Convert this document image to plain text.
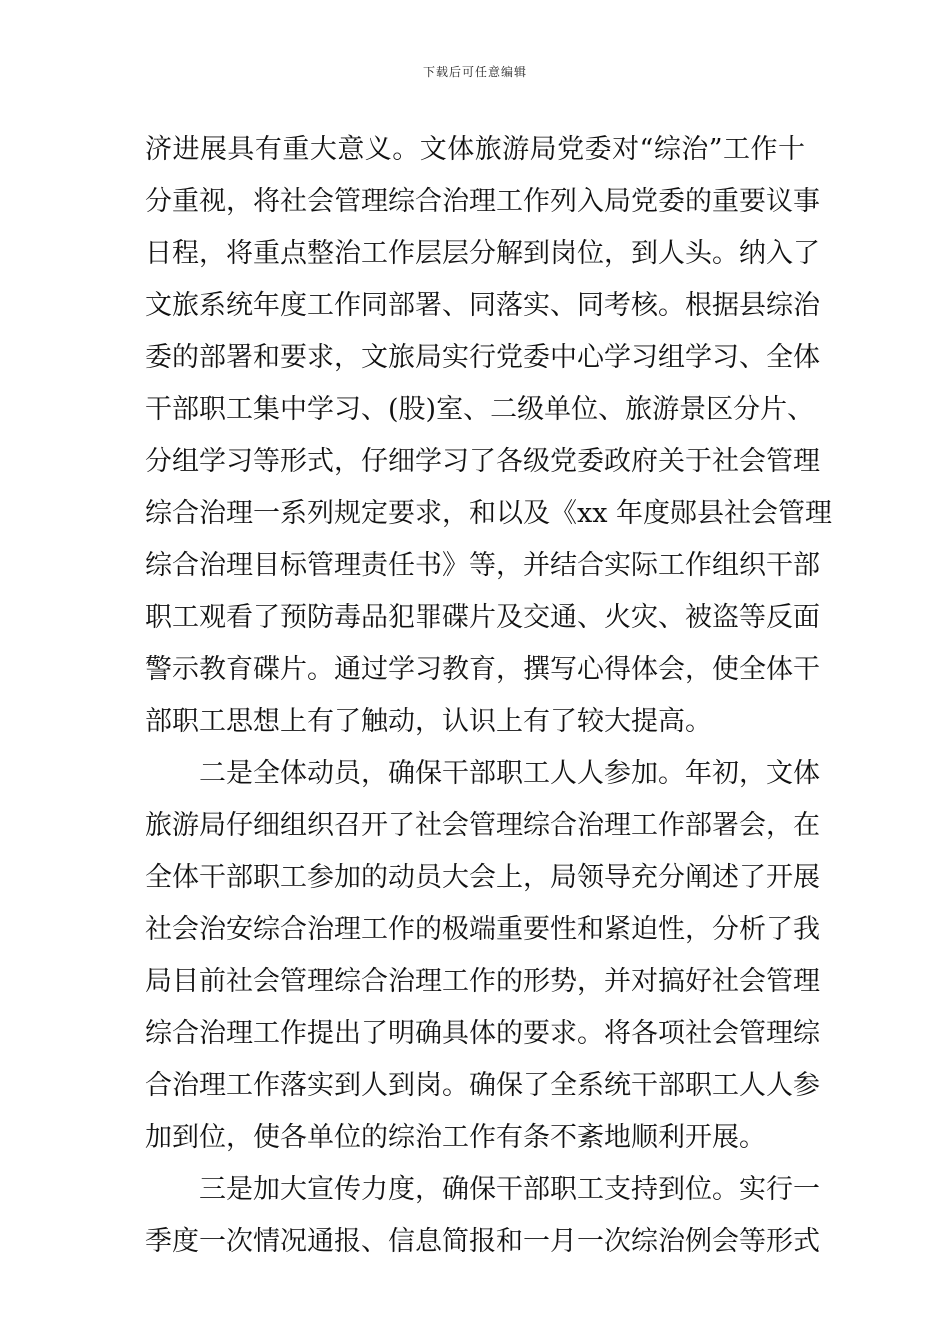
下载后可任意编辑
济进展具有重大意义。文体旅游局党委对“综治”工作十
分重视，将社会管理综合治理工作列入局党委的重要议事
日程，将重点整治工作层层分解到岗位，到人头。纳入了
文旅系统年度工作同部署、同落实、同考核。根据县综治
委的部署和要求，文旅局实行党委中心学习组学习、全体
干部职工集中学习、(股)室、二级单位、旅游景区分片、
分组学习等形式，仔细学习了各级党委政府关于社会管理
综合治理一系列规定要求，和以及《xx 年度郧县社会管理
综合治理目标管理责任书》等，并结合实际工作组织干部
职工观看了预防毒品犯罪碟片及交通、火灾、被盗等反面
警示教育碟片。通过学习教育，撰写心得体会，使全体干
部职工思想上有了触动，认识上有了较大提高。
二是全体动员，确保干部职工人人参加。年初，文体
旅游局仔细组织召开了社会管理综合治理工作部署会，在
全体干部职工参加的动员大会上，局领导充分阐述了开展
社会治安综合治理工作的极端重要性和紧迫性，分析了我
局目前社会管理综合治理工作的形势，并对搞好社会管理
综合治理工作提出了明确具体的要求。将各项社会管理综
合治理工作落实到人到岗。确保了全系统干部职工人人参
加到位，使各单位的综治工作有条不紊地顺利开展。
三是加大宣传力度，确保干部职工支持到位。实行一
季度一次情况通报、信息简报和一月一次综治例会等形式
